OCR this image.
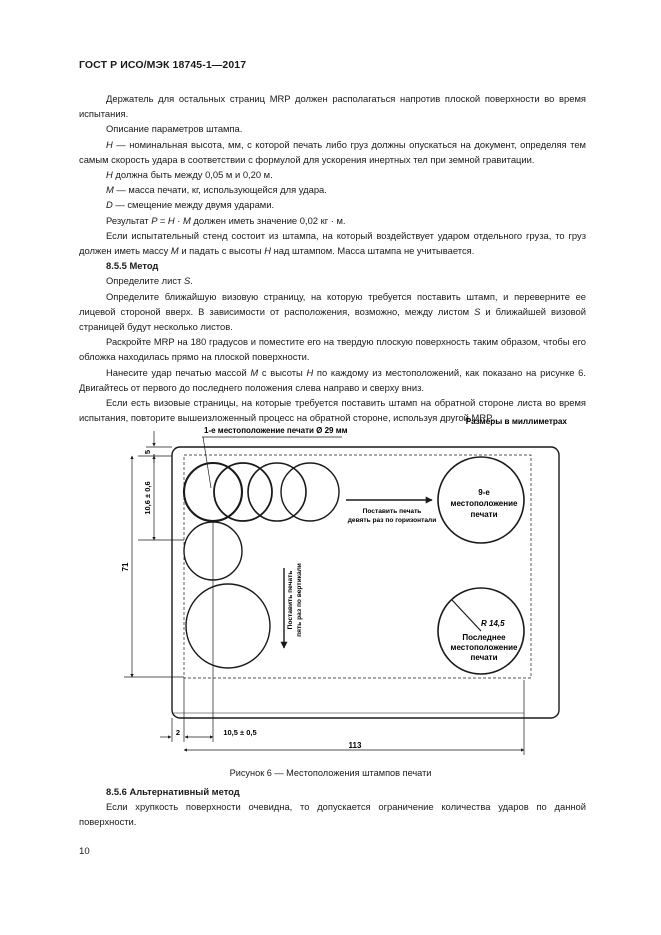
ГОСТ Р ИСО/МЭК 18745-1—2017

Держатель для остальных страниц MRP должен располагаться напротив плоской поверхности во время испытания.

Описание параметров штампа.

H — номинальная высота, мм, с которой печать либо груз должны опускаться на документ, определяя тем самым скорость удара в соответствии с формулой для ускорения инертных тел при земной гравитации.

H должна быть между 0,05 м и 0,20 м.

M — масса печати, кг, использующейся для удара.

D — смещение между двумя ударами.

Результат P = H · M должен иметь значение 0,02 кг · м.

Если испытательный стенд состоит из штампа, на который воздействует ударом отдельного груза, то груз должен иметь массу M и падать с высоты H над штампом. Масса штампа не учитывается.

8.5.5 Метод

Определите лист S.

Определите ближайшую визовую страницу, на которую требуется поставить штамп, и переверните ее лицевой стороной вверх. В зависимости от расположения, возможно, между листом S и ближайшей визовой страницей будут несколько листов.

Раскройте MRP на 180 градусов и поместите его на твердую плоскую поверхность таким образом, чтобы его обложка находилась прямо на плоской поверхности.

Нанесите удар печатью массой M с высоты H по каждому из местоположений, как показано на рисунке 6. Двигайтесь от первого до последнего положения слева направо и сверху вниз.

Если есть визовые страницы, на которые требуется поставить штамп на обратной стороне листа во время испытания, повторите вышеизложенный процесс на обратной стороне, используя другой MRP.

Размеры в миллиметрах
1-е местоположение печати Ø 29 мм
Поставить печать
девять раз по горизонтали
Поставить печать пять раз по вертикали
9-е
местоположение
печати
R 14,5
Последнее
местоположение
печати
5
10,6 ± 0,6
71
2	10,5 ± 0,5
113
Рисунок 6 — Местоположения штампов печати

8.5.6 Альтернативный метод

Если хрупкость поверхности очевидна, то допускается ограничение количества ударов по данной поверхности.

10
